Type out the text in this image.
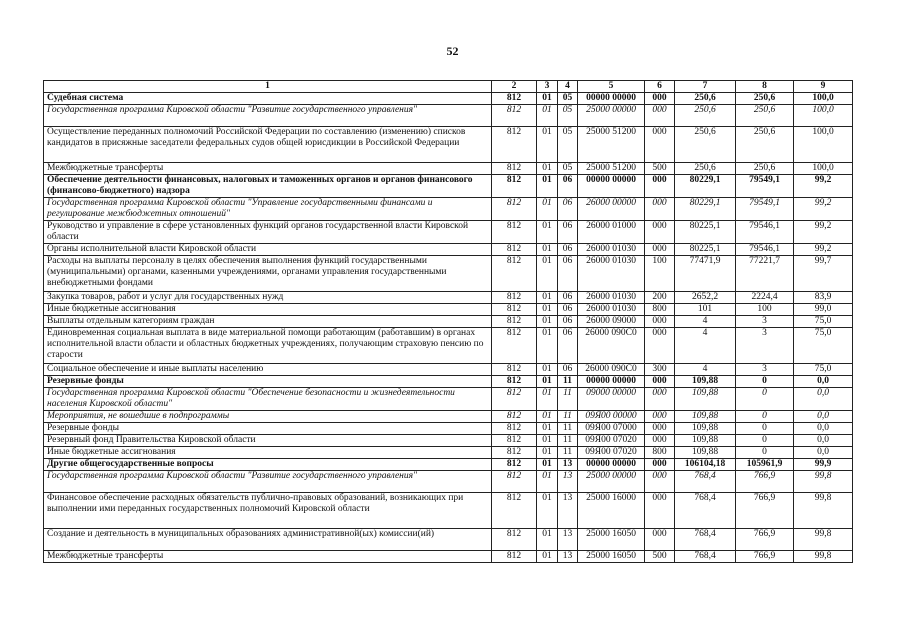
52
1	2	3	4	5	6	7	8	9
Судебная система	812	01	05	00000 00000	000	250,6	250,6	100,0
Государственная программа Кировской области "Развитие государственного управления"	812	01	05	25000 00000	000	250,6	250,6	100,0
Осуществление переданных полномочий Российской Федерации по составлению (изменению) списков кандидатов в присяжные заседатели федеральных судов общей юрисдикции в Российской Федерации	812	01	05	25000 51200	000	250,6	250,6	100,0
Межбюджетные трансферты	812	01	05	25000 51200	500	250,6	250,6	100,0
Обеспечение деятельности финансовых, налоговых и таможенных органов и органов финансового (финансово-бюджетного) надзора	812	01	06	00000 00000	000	80229,1	79549,1	99,2
Государственная программа Кировской области "Управление государственными финансами и регулирование межбюджетных отношений"	812	01	06	26000 00000	000	80229,1	79549,1	99,2
Руководство и управление в сфере установленных функций органов государственной власти Кировской области	812	01	06	26000 01000	000	80225,1	79546,1	99,2
Органы исполнительной власти Кировской области	812	01	06	26000 01030	000	80225,1	79546,1	99,2
Расходы на выплаты персоналу в целях обеспечения выполнения функций государственными (муниципальными) органами, казенными учреждениями, органами управления государственными внебюджетными фондами	812	01	06	26000 01030	100	77471,9	77221,7	99,7
Закупка товаров, работ и услуг для государственных нужд	812	01	06	26000 01030	200	2652,2	2224,4	83,9
Иные бюджетные ассигнования	812	01	06	26000 01030	800	101	100	99,0
Выплаты отдельным категориям граждан	812	01	06	26000 09000	000	4	3	75,0
Единовременная социальная выплата в виде материальной помощи работающим (работавшим) в органах исполнительной власти области и областных бюджетных учреждениях, получающим страховую пенсию по старости	812	01	06	26000 090C0	000	4	3	75,0
Социальное обеспечение и иные выплаты населению	812	01	06	26000 090C0	300	4	3	75,0
Резервные фонды	812	01	11	00000 00000	000	109,88	0	0,0
Государственная программа Кировской области "Обеспечение безопасности и жизнедеятельности населения Кировской области"	812	01	11	09000 00000	000	109,88	0	0,0
Мероприятия, не вошедшие в подпрограммы	812	01	11	09Я00 00000	000	109,88	0	0,0
Резервные фонды	812	01	11	09Я00 07000	000	109,88	0	0,0
Резервный фонд Правительства Кировской области	812	01	11	09Я00 07020	000	109,88	0	0,0
Иные бюджетные ассигнования	812	01	11	09Я00 07020	800	109,88	0	0,0
Другие общегосударственные вопросы	812	01	13	00000 00000	000	106104,18	105961,9	99,9
Государственная программа Кировской области "Развитие государственного управления"	812	01	13	25000 00000	000	768,4	766,9	99,8
Финансовое обеспечение расходных обязательств публично-правовых образований, возникающих при выполнении ими переданных государственных полномочий Кировской области	812	01	13	25000 16000	000	768,4	766,9	99,8
Создание и деятельность в муниципальных образованиях административной(ых) комиссии(ий)	812	01	13	25000 16050	000	768,4	766,9	99,8
Межбюджетные трансферты	812	01	13	25000 16050	500	768,4	766,9	99,8
